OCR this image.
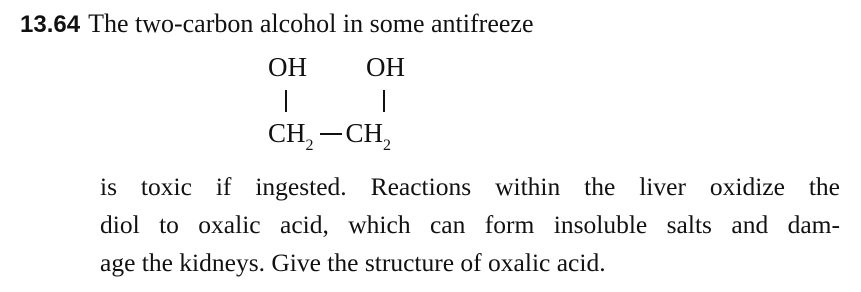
13.64 The two-carbon alcohol in some antifreeze
OH OH
$CH_2$ $CH_2$
is toxic if ingested. Reactions within the liver oxidize the
diol to oxalic acid, which can form insoluble salts and dam-
age the kidneys. Give the structure of oxalic acid.
